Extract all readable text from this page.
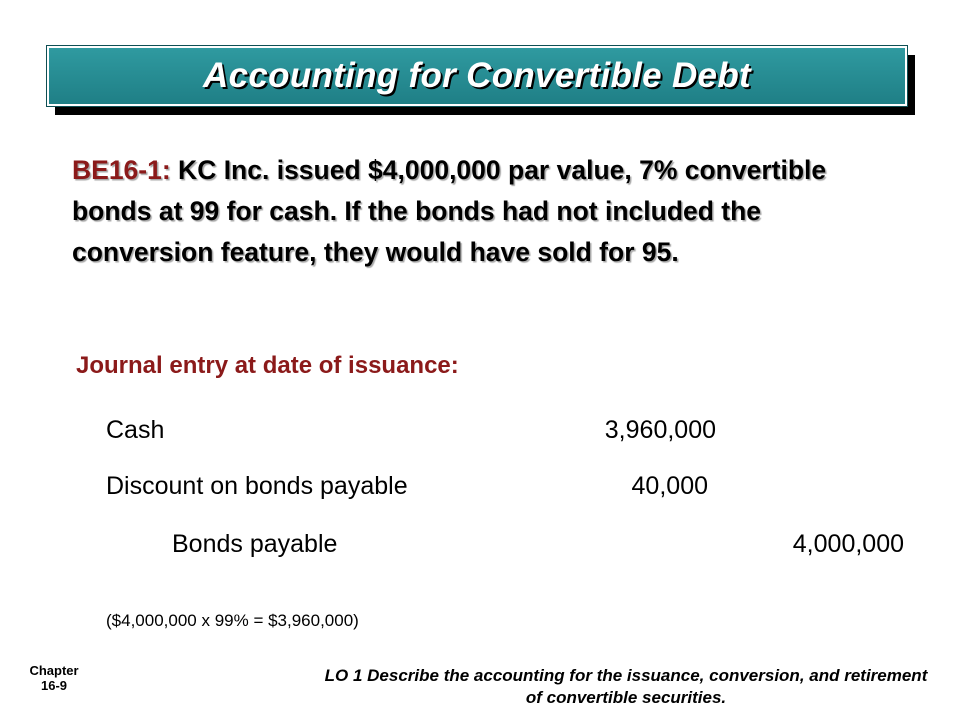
Accounting for Convertible Debt

BE16-1: KC Inc. issued $4,000,000 par value, 7% convertible bonds at 99 for cash. If the bonds had not included the conversion feature, they would have sold for 95.

Journal entry at date of issuance:
Cash	3,960,000
Discount on bonds payable	40,000
Bonds payable	4,000,000
($4,000,000 x 99% = $3,960,000)
Chapter
16-9
LO 1 Describe the accounting for the issuance, conversion, and retirement of convertible securities.
